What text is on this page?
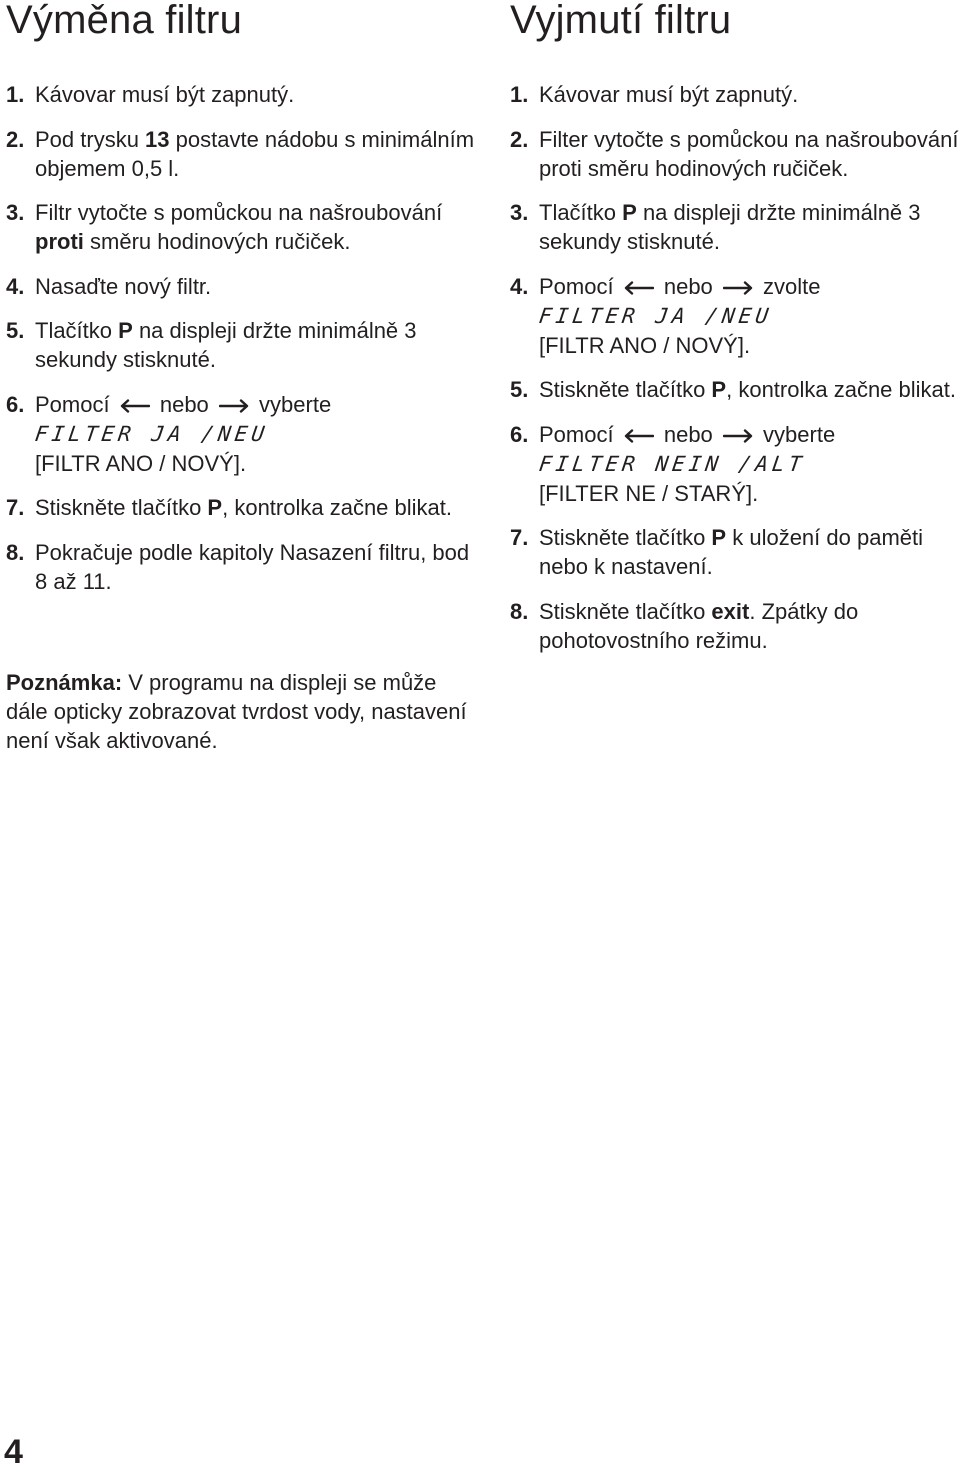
Výměna filtru
1. Kávovar musí být zapnutý.
2. Pod trysku 13 postavte nádobu s minimálním objemem 0,5 l.
3. Filtr vytočte s pomůckou na našroubování proti směru hodinových ručiček.
4. Nasaďte nový filtr.
5. Tlačítko P na displeji držte minimálně 3 sekundy stisknuté.
6. Pomocí nebo vyberte
FILTER JA /NEU
[FILTR ANO / NOVÝ].
7. Stiskněte tlačítko P, kontrolka začne blikat.
8. Pokračuje podle kapitoly Nasazení filtru, bod 8 až 11.

Poznámka: V programu na displeji se může dále opticky zobrazovat tvrdost vody, nastavení není však aktivované.

Vyjmutí filtru
1. Kávovar musí být zapnutý.
2. Filter vytočte s pomůckou na našroubování proti směru hodinových ručiček.
3. Tlačítko P na displeji držte minimálně 3 sekundy stisknuté.
4. Pomocí nebo zvolte
FILTER JA /NEU
[FILTR ANO / NOVÝ].
5. Stiskněte tlačítko P, kontrolka začne blikat.
6. Pomocí nebo vyberte
FILTER NEIN /ALT
[FILTER NE / STARÝ].
7. Stiskněte tlačítko P k uložení do paměti nebo k nastavení.
8. Stiskněte tlačítko exit. Zpátky do pohotovostního režimu.
4
